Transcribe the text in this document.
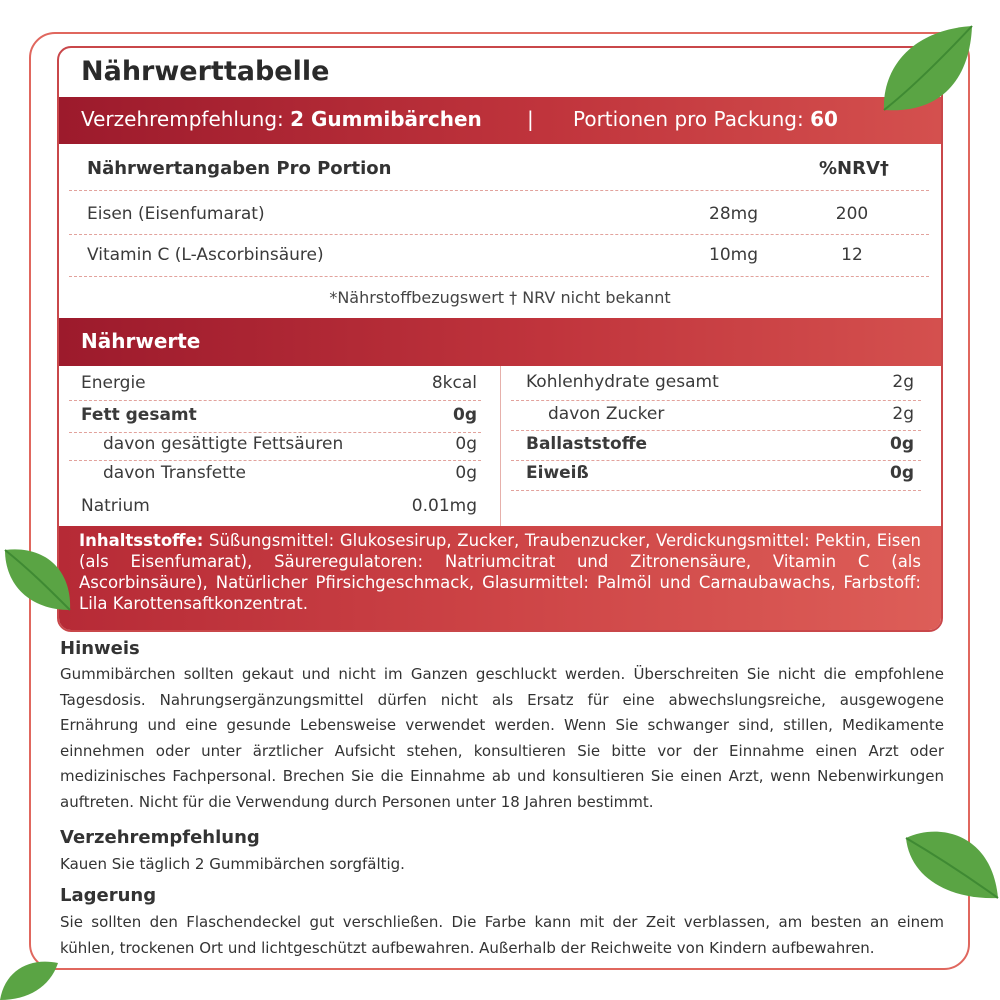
Nährwerttabelle
Verzehrempfehlung: 2 Gummibärchen | Portionen pro Packung: 60
Nährwertangaben Pro Portion	%NRV†
Eisen (Eisenfumarat)	28mg	200
Vitamin C (L-Ascorbinsäure)	10mg	12
*Nährstoffbezugswert † NRV nicht bekannt
Nährwerte
Energie	8kcal
Fett gesamt	0g
davon gesättigte Fettsäuren	0g
davon Transfette	0g
Natrium	0.01mg
Kohlenhydrate gesamt	2g
davon Zucker	2g
Ballaststoffe	0g
Eiweiß	0g

Inhaltsstoffe: Süßungsmittel: Glukosesirup, Zucker, Traubenzucker, Verdickungsmittel: Pektin, Eisen (als Eisenfumarat), Säureregulatoren: Natriumcitrat und Zitronensäure, Vitamin C (als Ascorbinsäure), Natürlicher Pfirsichgeschmack, Glasurmittel: Palmöl und Carnaubawachs, Farbstoff: Lila Karottensaftkonzentrat.

Hinweis

Gummibärchen sollten gekaut und nicht im Ganzen geschluckt werden. Überschreiten Sie nicht die empfohlene Tagesdosis. Nahrungsergänzungsmittel dürfen nicht als Ersatz für eine abwechslungsreiche, ausgewogene Ernährung und eine gesunde Lebensweise verwendet werden. Wenn Sie schwanger sind, stillen, Medikamente einnehmen oder unter ärztlicher Aufsicht stehen, konsultieren Sie bitte vor der Einnahme einen Arzt oder medizinisches Fachpersonal. Brechen Sie die Einnahme ab und konsultieren Sie einen Arzt, wenn Nebenwirkungen auftreten. Nicht für die Verwendung durch Personen unter 18 Jahren bestimmt.

Verzehrempfehlung

Kauen Sie täglich 2 Gummibärchen sorgfältig.

Lagerung

Sie sollten den Flaschendeckel gut verschließen. Die Farbe kann mit der Zeit verblassen, am besten an einem kühlen, trockenen Ort und lichtgeschützt aufbewahren. Außerhalb der Reichweite von Kindern aufbewahren.
